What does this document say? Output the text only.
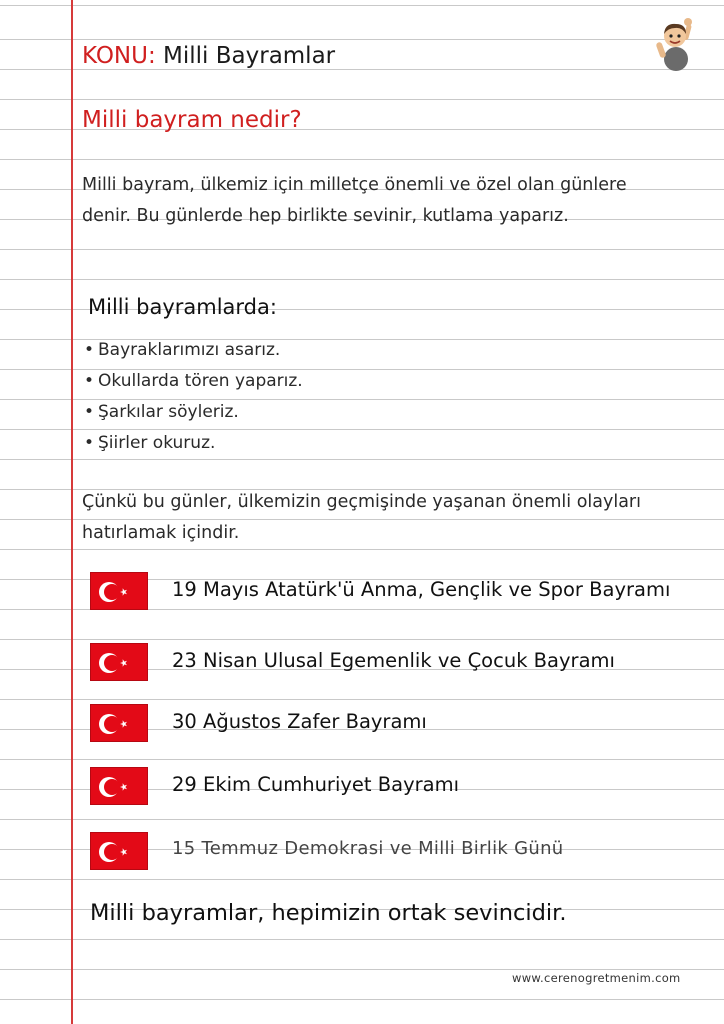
KONU: Milli Bayramlar
Milli bayram nedir?
Milli bayram, ülkemiz için milletçe önemli ve özel olan günlere denir. Bu günlerde hep birlikte sevinir, kutlama yaparız.
Milli bayramlarda:
• Bayraklarımızı asarız.
• Okullarda tören yaparız.
• Şarkılar söyleriz.
• Şiirler okuruz.
Çünkü bu günler, ülkemizin geçmişinde yaşanan önemli olayları hatırlamak içindir.
19 Mayıs Atatürk'ü Anma, Gençlik ve Spor Bayramı
23 Nisan Ulusal Egemenlik ve Çocuk Bayramı
30 Ağustos Zafer Bayramı
29 Ekim Cumhuriyet Bayramı
15 Temmuz Demokrasi ve Milli Birlik Günü
Milli bayramlar, hepimizin ortak sevincidir.
www.cerenogretmenim.com
